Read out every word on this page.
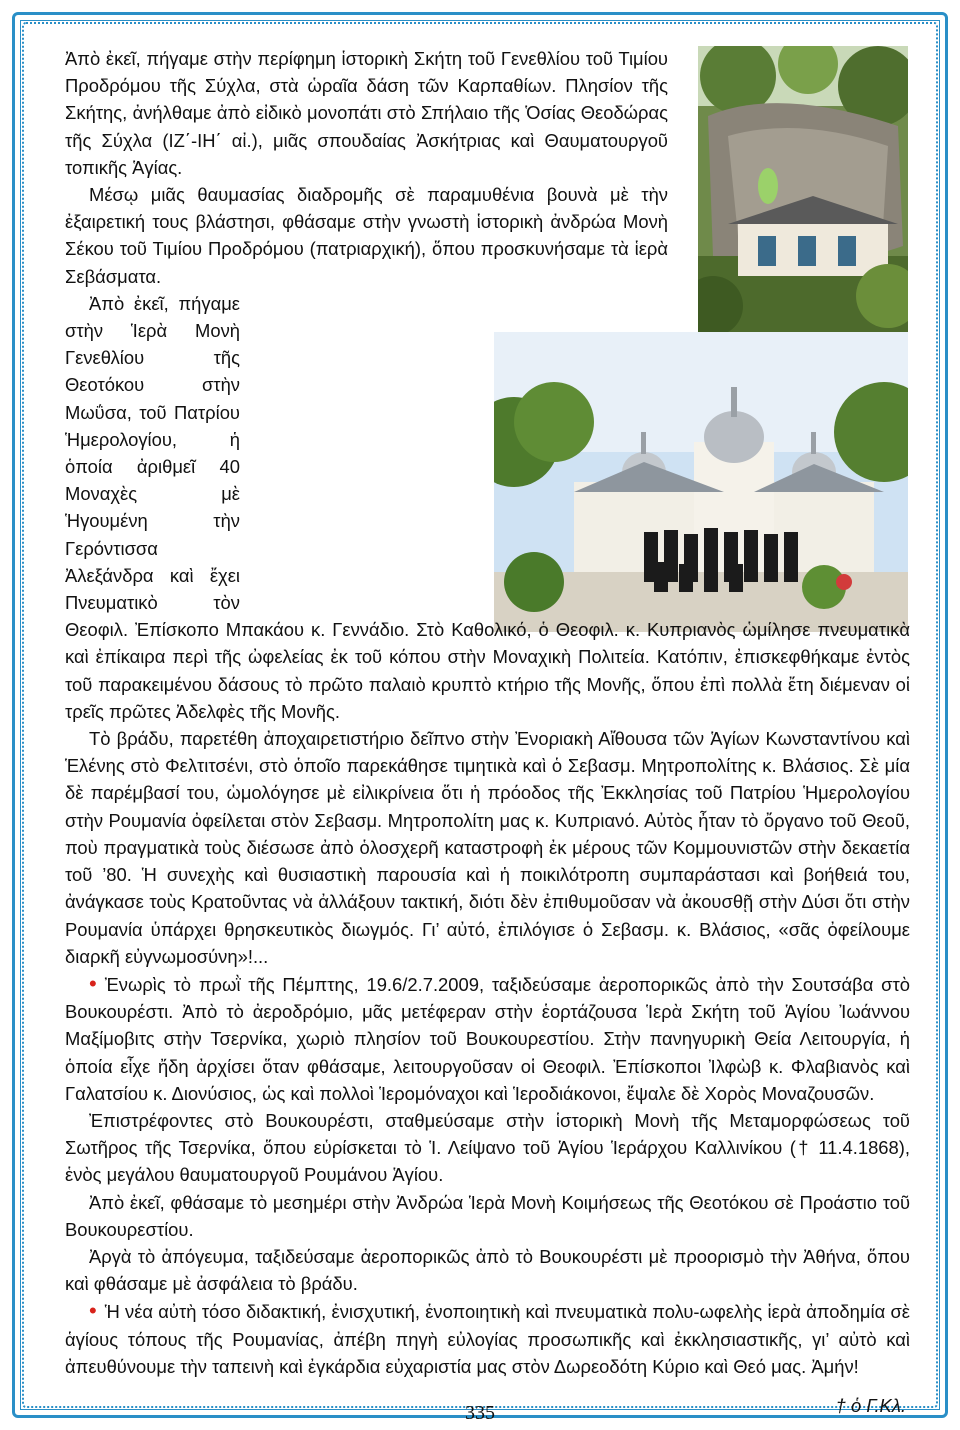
Ἀπὸ ἐκεῖ, πήγαμε στὴν περίφημη ἱστορικὴ Σκήτη τοῦ Γενεθλίου τοῦ Τιμίου Προδρόμου τῆς Σύχλα, στὰ ὡραῖα δάση τῶν Καρπαθίων. Πλησίον τῆς Σκήτης, ἀνήλθαμε ἀπὸ εἰδικὸ μονοπάτι στὸ Σπήλαιο τῆς Ὁσίας Θεοδώρας τῆς Σύχλα (ΙΖ΄-ΙΗ΄ αἰ.), μιᾶς σπουδαίας Ἀσκήτριας καὶ Θαυματουργοῦ τοπικῆς Ἁγίας.

Μέσῳ μιᾶς θαυμασίας διαδρομῆς σὲ παραμυθένια βουνὰ μὲ τὴν ἐξαιρετική τους βλάστησι, φθάσαμε στὴν γνωστὴ ἱστορικὴ ἀνδρώα Μονὴ Σέκου τοῦ Τιμίου Προδρόμου (πατριαρχική), ὅπου προσκυνήσαμε τὰ ἱερὰ Σεβάσματα.

Ἀπὸ ἐκεῖ, πήγαμε στὴν Ἱερὰ Μονὴ Γενεθλίου τῆς Θεοτόκου στὴν Μωΰσα, τοῦ Πατρίου Ἡμερολογίου, ἡ ὁποία ἀριθμεῖ 40 Μοναχὲς μὲ Ἡγουμένη τὴν Γερόντισσα Ἀλεξάνδρα καὶ ἔχει Πνευματικὸ τὸν Θεοφιλ. Ἐπίσκοπο Μπακάου κ. Γεννάδιο. Στὸ Καθολικό, ὁ Θεοφιλ. κ. Κυπριανὸς ὡμίλησε πνευματικὰ καὶ ἐπίκαιρα περὶ τῆς ὠφελείας ἐκ τοῦ κόπου στὴν Μοναχικὴ Πολιτεία. Κατόπιν, ἐπισκεφθήκαμε ἐντὸς τοῦ παρακειμένου δάσους τὸ πρῶτο παλαιὸ κρυπτὸ κτήριο τῆς Μονῆς, ὅπου ἐπὶ πολλὰ ἔτη διέμεναν οἱ τρεῖς πρῶτες Ἀδελφὲς τῆς Μονῆς.

Τὸ βράδυ, παρετέθη ἀποχαιρετιστήριο δεῖπνο στὴν Ἐνοριακὴ Αἴθουσα τῶν Ἁγίων Κωνσταντίνου καὶ Ἑλένης στὸ Φελτιτσένι, στὸ ὁποῖο παρεκάθησε τιμητικὰ καὶ ὁ Σεβασμ. Μητροπολίτης κ. Βλάσιος. Σὲ μία δὲ παρέμβασί του, ὡμολόγησε μὲ εἰλικρίνεια ὅτι ἡ πρόοδος τῆς Ἐκκλησίας τοῦ Πατρίου Ἡμερολογίου στὴν Ρουμανία ὀφείλεται στὸν Σεβασμ. Μητροπολίτη μας κ. Κυπριανό. Αὐτὸς ἦταν τὸ ὄργανο τοῦ Θεοῦ, ποὺ πραγματικὰ τοὺς διέσωσε ἀπὸ ὁλοσχερῆ καταστροφὴ ἐκ μέρους τῶν Κομμουνιστῶν στὴν δεκαετία τοῦ ’80. Ἡ συνεχὴς καὶ θυσιαστικὴ παρουσία καὶ ἡ ποικιλότροπη συμπαράστασι καὶ βοήθειά του, ἀνάγκασε τοὺς Κρατοῦντας νὰ ἀλλάξουν τακτική, διότι δὲν ἐπιθυμοῦσαν νὰ ἀκουσθῇ στὴν Δύσι ὅτι στὴν Ρουμανία ὑπάρχει θρησκευτικὸς διωγμός. Γι’ αὐτό, ἐπιλόγισε ὁ Σεβασμ. κ. Βλάσιος, «σᾶς ὀφείλουμε διαρκῆ εὐγνωμοσύνη»!...

• Ἐνωρὶς τὸ πρωῒ τῆς Πέμπτης, 19.6/2.7.2009, ταξιδεύσαμε ἀεροπορικῶς ἀπὸ τὴν Σουτσάβα στὸ Βουκουρέστι. Ἀπὸ τὸ ἀεροδρόμιο, μᾶς μετέφεραν στὴν ἑορτάζουσα Ἱερὰ Σκήτη τοῦ Ἁγίου Ἰωάννου Μαξίμοβιτς στὴν Τσερνίκα, χωριὸ πλησίον τοῦ Βουκουρεστίου. Στὴν πανηγυρικὴ Θεία Λειτουργία, ἡ ὁποία εἶχε ἤδη ἀρχίσει ὅταν φθάσαμε, λειτουργοῦσαν οἱ Θεοφιλ. Ἐπίσκοποι Ἰλφὼβ κ. Φλαβιανὸς καὶ Γαλατσίου κ. Διονύσιος, ὡς καὶ πολλοὶ Ἱερομόναχοι καὶ Ἱεροδιάκονοι, ἔψαλε δὲ Χορὸς Μοναζουσῶν.

Ἐπιστρέφοντες στὸ Βουκουρέστι, σταθμεύσαμε στὴν ἱστορικὴ Μονὴ τῆς Μεταμορφώσεως τοῦ Σωτῆρος τῆς Τσερνίκα, ὅπου εὑρίσκεται τὸ Ἱ. Λείψανο τοῦ Ἁγίου Ἱεράρχου Καλλινίκου († 11.4.1868), ἑνὸς μεγάλου θαυματουργοῦ Ρουμάνου Ἁγίου.

Ἀπὸ ἐκεῖ, φθάσαμε τὸ μεσημέρι στὴν Ἀνδρώα Ἱερὰ Μονὴ Κοιμήσεως τῆς Θεοτόκου σὲ Προάστιο τοῦ Βουκουρεστίου.

Ἀργὰ τὸ ἀπόγευμα, ταξιδεύσαμε ἀεροπορικῶς ἀπὸ τὸ Βουκουρέστι μὲ προορισμὸ τὴν Ἀθήνα, ὅπου καὶ φθάσαμε μὲ ἀσφάλεια τὸ βράδυ.

• Ἡ νέα αὐτὴ τόσο διδακτική, ἐνισχυτική, ἑνοποιητικὴ καὶ πνευματικὰ πολυ-ωφελὴς ἱερὰ ἀποδημία σὲ ἁγίους τόπους τῆς Ρουμανίας, ἀπέβη πηγὴ εὐλογίας προσωπικῆς καὶ ἐκκλησιαστικῆς, γι’ αὐτὸ καὶ ἀπευθύνουμε τὴν ταπεινὴ καὶ ἐγκάρδια εὐχαριστία μας στὸν Δωρεοδότη Κύριο καὶ Θεό μας. Ἀμήν!

† ὁ Γ.Κλ.
335
